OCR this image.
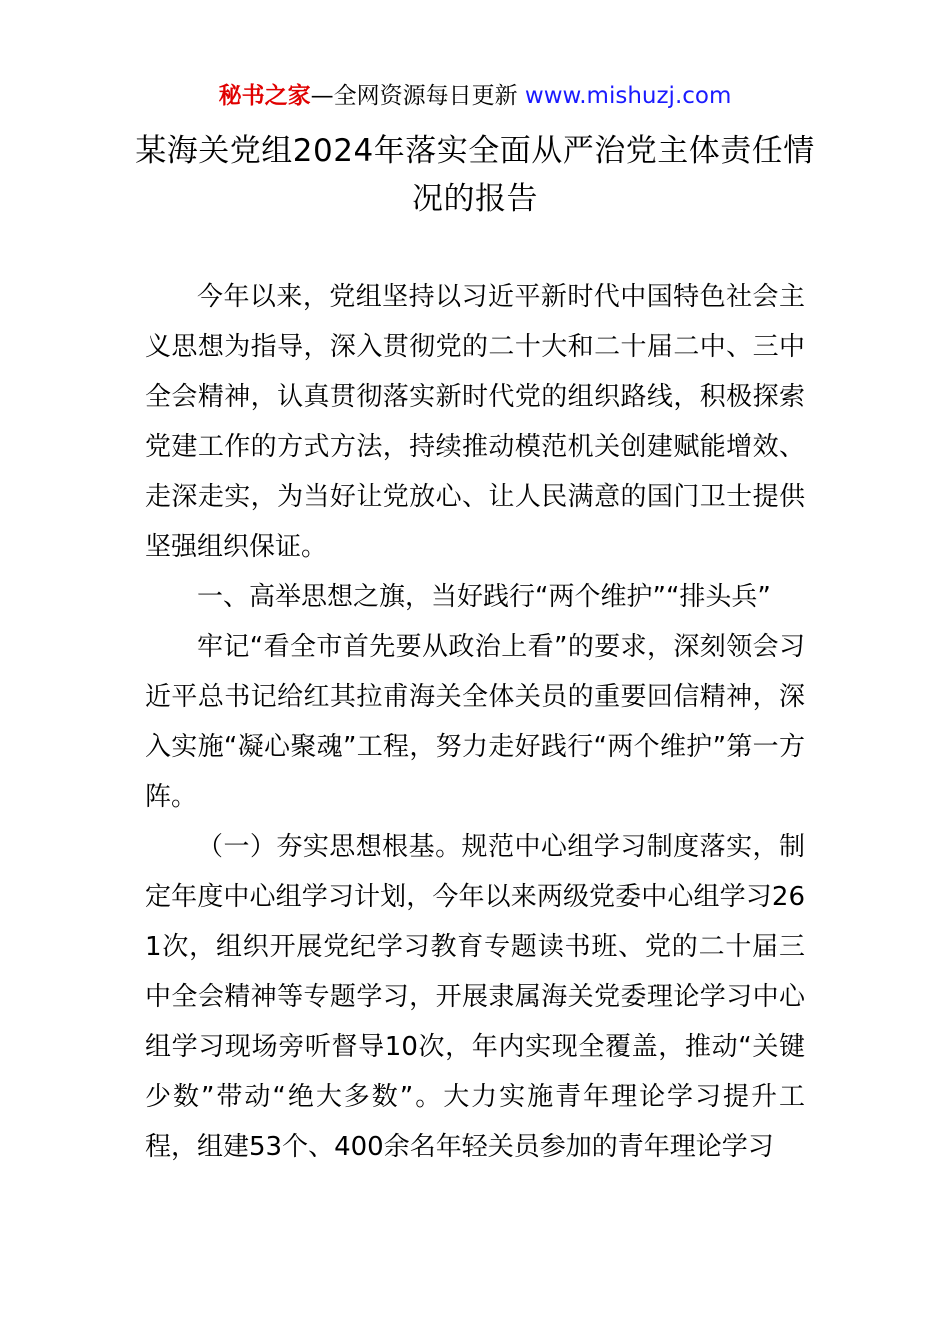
秘书之家—全网资源每日更新 www.mishuzj.com
某海关党组2024年落实全面从严治党主体责任情况的报告

今年以来，党组坚持以习近平新时代中国特色社会主义思想为指导，深入贯彻党的二十大和二十届二中、三中全会精神，认真贯彻落实新时代党的组织路线，积极探索党建工作的方式方法，持续推动模范机关创建赋能增效、走深走实，为当好让党放心、让人民满意的国门卫士提供坚强组织保证。

一、高举思想之旗，当好践行“两个维护”“排头兵”

牢记“看全市首先要从政治上看”的要求，深刻领会习近平总书记给红其拉甫海关全体关员的重要回信精神，深入实施“凝心聚魂”工程，努力走好践行“两个维护”第一方阵。

（一）夯实思想根基。规范中心组学习制度落实，制定年度中心组学习计划，今年以来两级党委中心组学习261次，组织开展党纪学习教育专题读书班、党的二十届三中全会精神等专题学习，开展隶属海关党委理论学习中心组学习现场旁听督导10次，年内实现全覆盖，推动“关键少数”带动“绝大多数”。大力实施青年理论学习提升工程，组建53个、400余名年轻关员参加的青年理论学习
